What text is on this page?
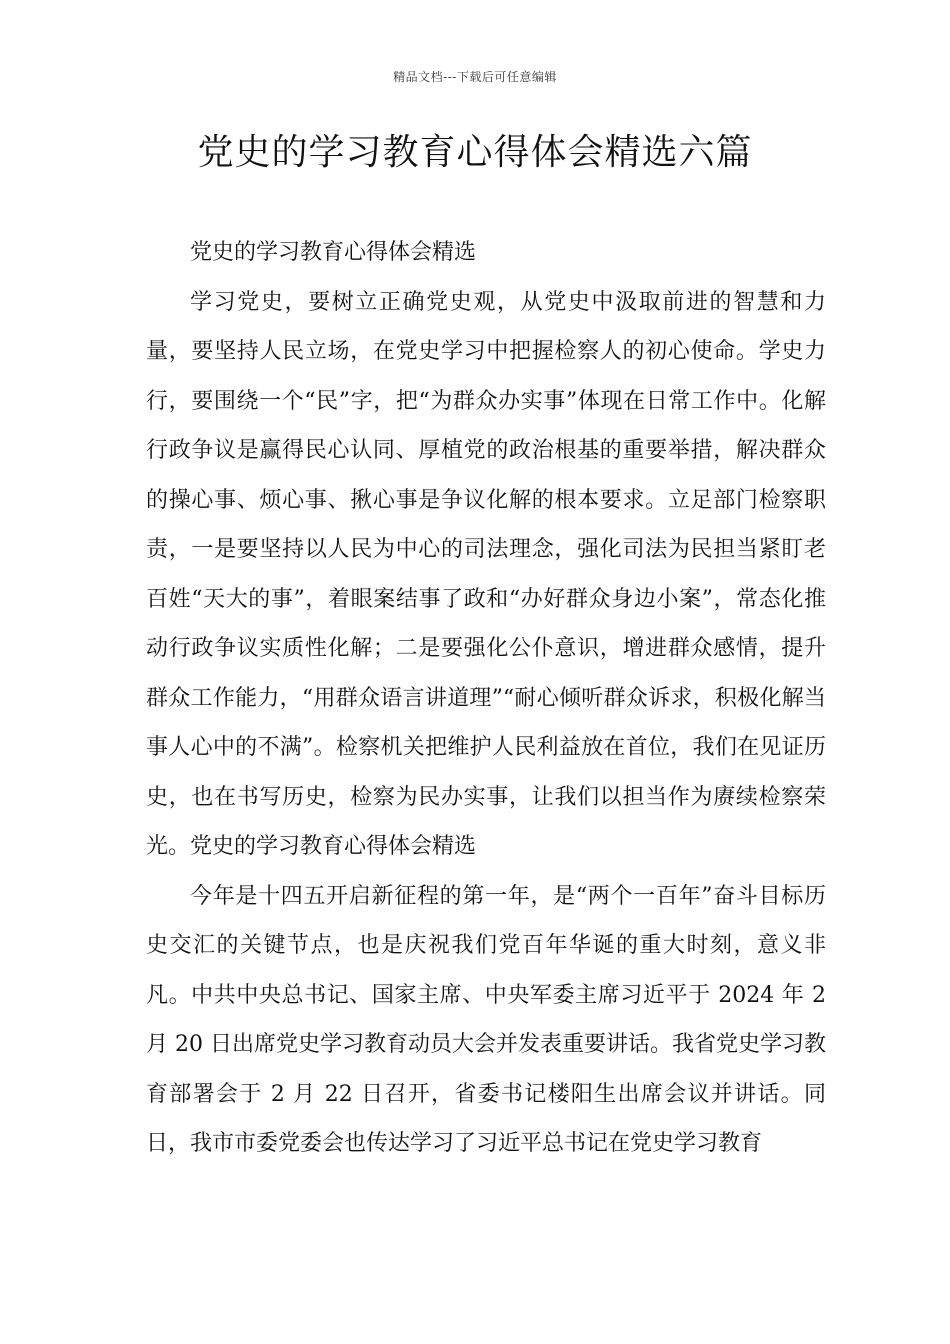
精品文档---下载后可任意编辑
党史的学习教育心得体会精选六篇

党史的学习教育心得体会精选

学习党史，要树立正确党史观，从党史中汲取前进的智慧和力量，要坚持人民立场，在党史学习中把握检察人的初心使命。学史力行，要围绕一个“民”字，把“为群众办实事”体现在日常工作中。化解行政争议是赢得民心认同、厚植党的政治根基的重要举措，解决群众的操心事、烦心事、揪心事是争议化解的根本要求。立足部门检察职责，一是要坚持以人民为中心的司法理念，强化司法为民担当紧盯老百姓“天大的事”，着眼案结事了政和“办好群众身边小案”，常态化推动行政争议实质性化解；二是要强化公仆意识，增进群众感情，提升群众工作能力，“用群众语言讲道理”“耐心倾听群众诉求，积极化解当事人心中的不满”。检察机关把维护人民利益放在首位，我们在见证历史，也在书写历史，检察为民办实事，让我们以担当作为赓续检察荣光。党史的学习教育心得体会精选

今年是十四五开启新征程的第一年，是“两个一百年”奋斗目标历史交汇的关键节点，也是庆祝我们党百年华诞的重大时刻，意义非凡。中共中央总书记、国家主席、中央军委主席习近平于 2024 年 2 月 20 日出席党史学习教育动员大会并发表重要讲话。我省党史学习教育部署会于 2 月 22 日召开，省委书记楼阳生出席会议并讲话。同日，我市市委党委会也传达学习了习近平总书记在党史学习教育
